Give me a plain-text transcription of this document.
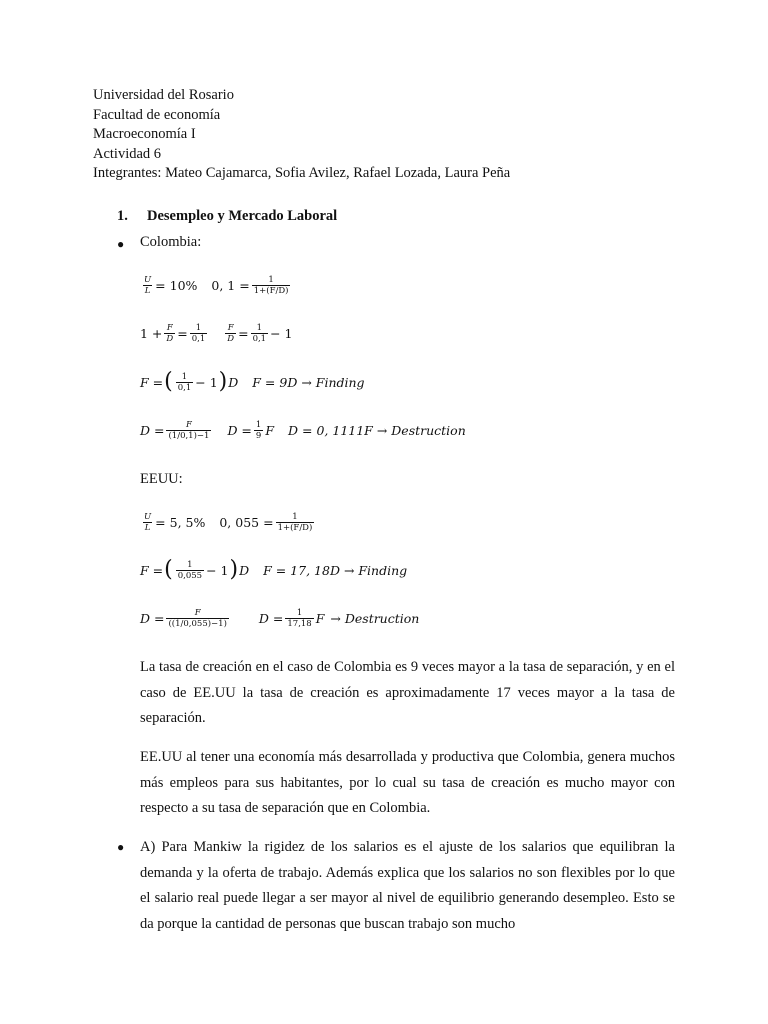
Universidad del Rosario
Facultad de economía
Macroeconomía I
Actividad 6
Integrantes: Mateo Cajamarca, Sofia Avilez, Rafael Lozada, Laura Peña
1. Desempleo y Mercado Laboral
● Colombia:
$\frac{U}{L} = 10\%$ 0, $1 = \frac{1}{1+(F/D)}$
$1 + \frac{F}{D} = \frac{1}{0,1} \frac{F}{D} = \frac{1}{0,1} - 1$
F = ( $\frac{1}{0,1} - 1$ ) D F = 9D → Finding
$D = \frac{F}{(1/0,1)-1}$ $D = \frac{1}{9}$ F D = 0, 1111F → Destruction
EEUU:
$\frac{U}{L} = 5$, 5% 0, $055 = \frac{1}{1+(F/D)}$
F = ( $\frac{1}{0,055} - 1$ ) D F = 17, 18D → Finding
$D = \frac{F}{((1/0,055)-1)}$ $D = \frac{1}{17,18}$ F → Destruction
La tasa de creación en el caso de Colombia es 9 veces mayor a la tasa de separación, y en el caso de EE.UU la tasa de creación es aproximadamente 17 veces mayor a la tasa de separación.
EE.UU al tener una economía más desarrollada y productiva que Colombia, genera muchos más empleos para sus habitantes, por lo cual su tasa de creación es mucho mayor con respecto a su tasa de separación que en Colombia.
● A) Para Mankiw la rigidez de los salarios es el ajuste de los salarios que equilibran la demanda y la oferta de trabajo. Además explica que los salarios no son flexibles por lo que el salario real puede llegar a ser mayor al nivel de equilibrio generando desempleo. Esto se da porque la cantidad de personas que buscan trabajo son mucho
